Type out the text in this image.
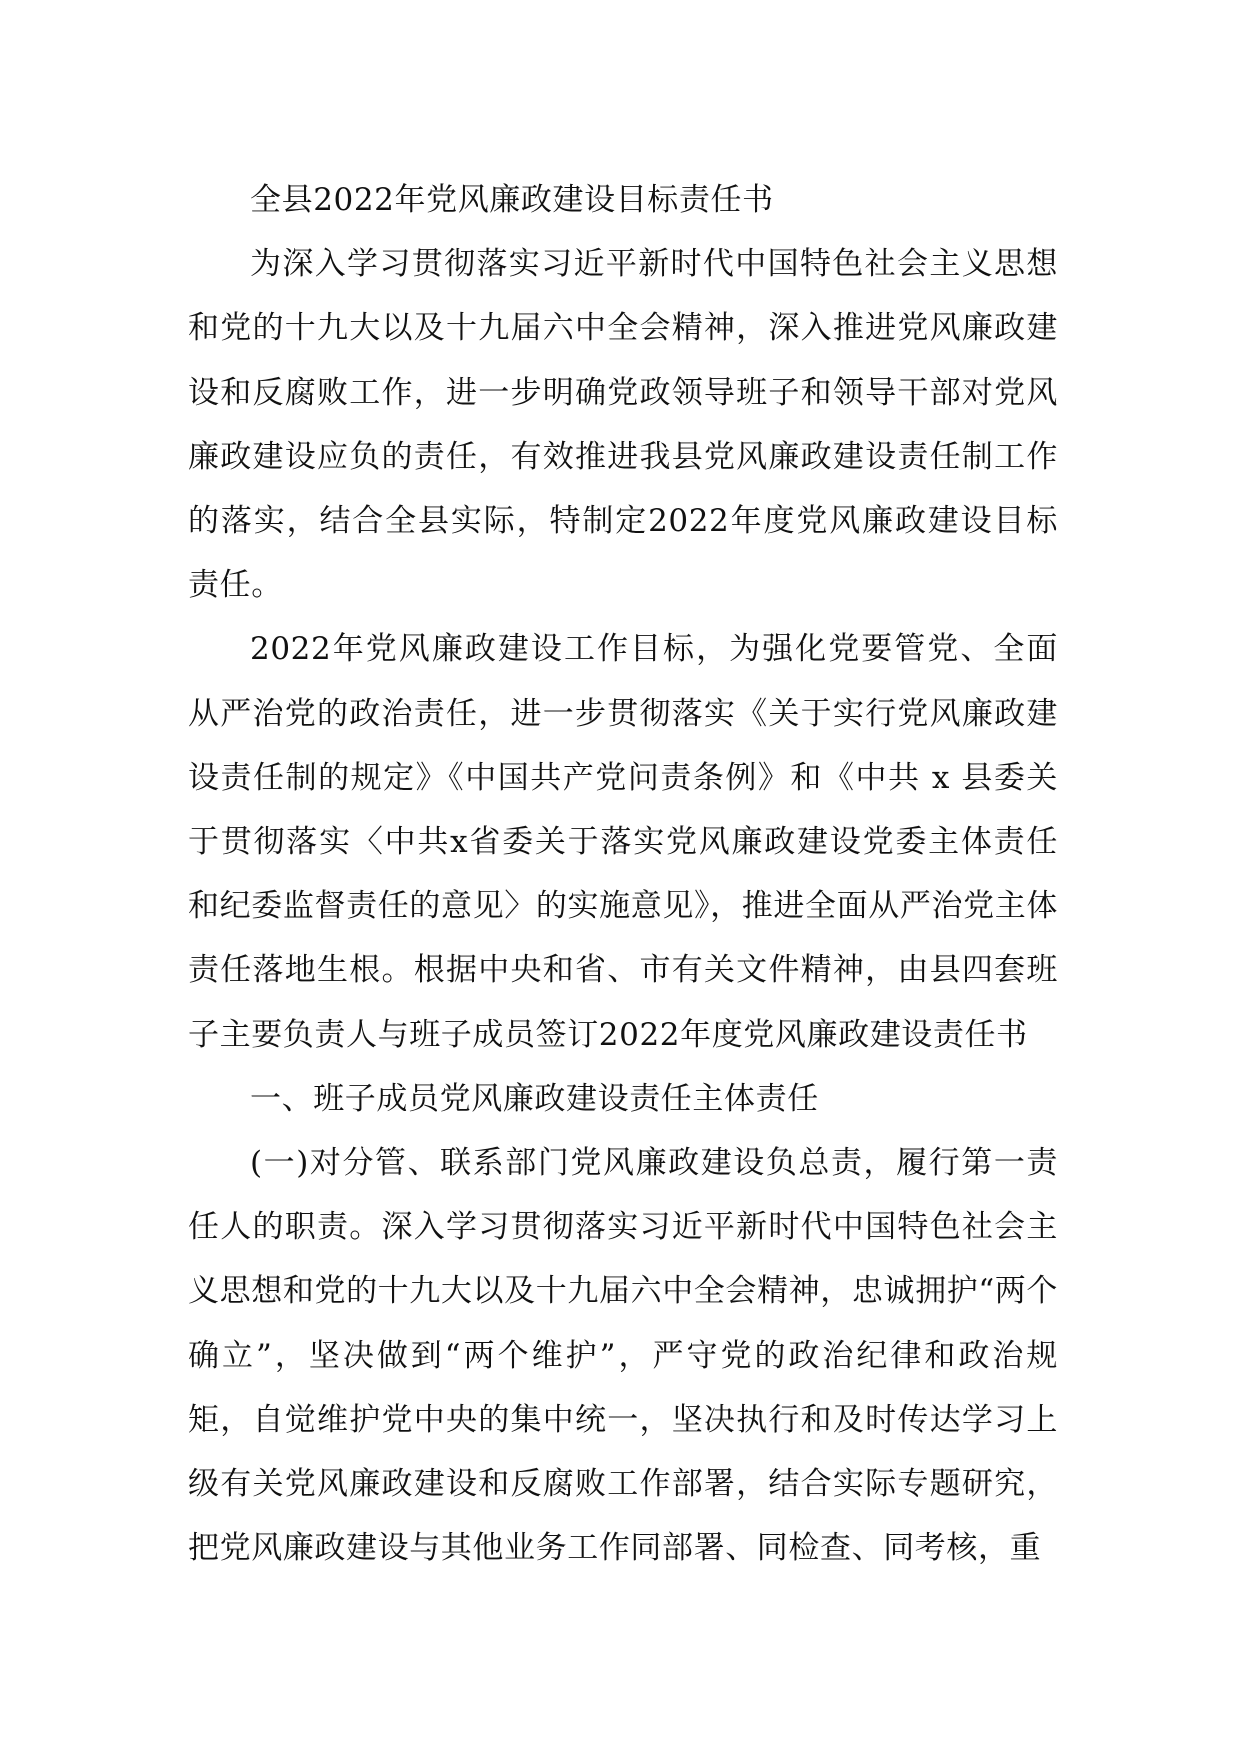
全县2022年党风廉政建设目标责任书

为深入学习贯彻落实习近平新时代中国特色社会主义思想和党的十九大以及十九届六中全会精神，深入推进党风廉政建设和反腐败工作，进一步明确党政领导班子和领导干部对党风廉政建设应负的责任，有效推进我县党风廉政建设责任制工作的落实，结合全县实际，特制定2022年度党风廉政建设目标责任。

2022年党风廉政建设工作目标，为强化党要管党、全面从严治党的政治责任，进一步贯彻落实《关于实行党风廉政建设责任制的规定》《中国共产党问责条例》和《中共 x 县委关于贯彻落实〈中共x省委关于落实党风廉政建设党委主体责任和纪委监督责任的意见〉的实施意见》，推进全面从严治党主体责任落地生根。根据中央和省、市有关文件精神，由县四套班子主要负责人与班子成员签订2022年度党风廉政建设责任书

一、班子成员党风廉政建设责任主体责任

(一)对分管、联系部门党风廉政建设负总责，履行第一责任人的职责。深入学习贯彻落实习近平新时代中国特色社会主义思想和党的十九大以及十九届六中全会精神，忠诚拥护“两个确立”，坚决做到“两个维护”，严守党的政治纪律和政治规矩，自觉维护党中央的集中统一，坚决执行和及时传达学习上级有关党风廉政建设和反腐败工作部署，结合实际专题研究，把党风廉政建设与其他业务工作同部署、同检查、同考核，重
